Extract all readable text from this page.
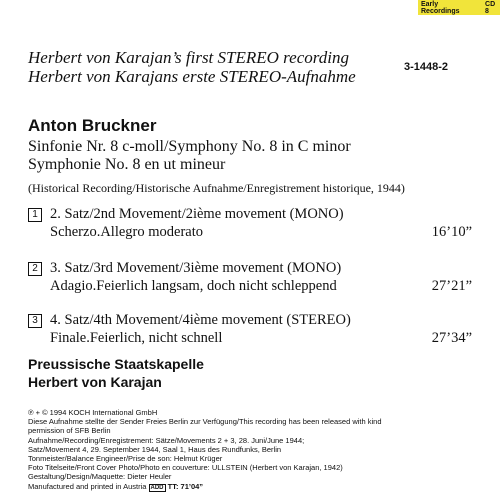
Early Recordings
CD 8
Herbert von Karajan’s first STEREO recording
Herbert von Karajans erste STEREO-Aufnahme	3-1448-2
Anton Bruckner
Sinfonie Nr. 8 c-moll/Symphony No. 8 in C minor
Symphonie No. 8 en ut mineur
(Historical Recording/Historische Aufnahme/Enregistrement historique, 1944)
1 2. Satz/2nd Movement/2ième movement (MONO)
Scherzo.Allegro moderato	16’10”
2 3. Satz/3rd Movement/3ième movement (MONO)
Adagio.Feierlich langsam, doch nicht schleppend	27’21”
3 4. Satz/4th Movement/4ième movement (STEREO)
Finale.Feierlich, nicht schnell	27’34”
Preussische Staatskapelle
Herbert von Karajan
℗ + © 1994 KOCH International GmbH
Diese Aufnahme stellte der Sender Freies Berlin zur Verfügung/This recording has been released with kind
permission of SFB Berlin
Aufnahme/Recording/Enregistrement: Sätze/Movements 2 + 3, 28. Juni/June 1944;
Satz/Movement 4, 29. September 1944, Saal 1, Haus des Rundfunks, Berlin
Tonmeister/Balance Engineer/Prise de son: Helmut Krüger
Foto Titelseite/Front Cover Photo/Photo en couverture: ULLSTEIN (Herbert von Karajan, 1942)
Gestaltung/Design/Maquette: Dieter Heuler
Manufactured and printed in Austria ADD TT: 71’04”
